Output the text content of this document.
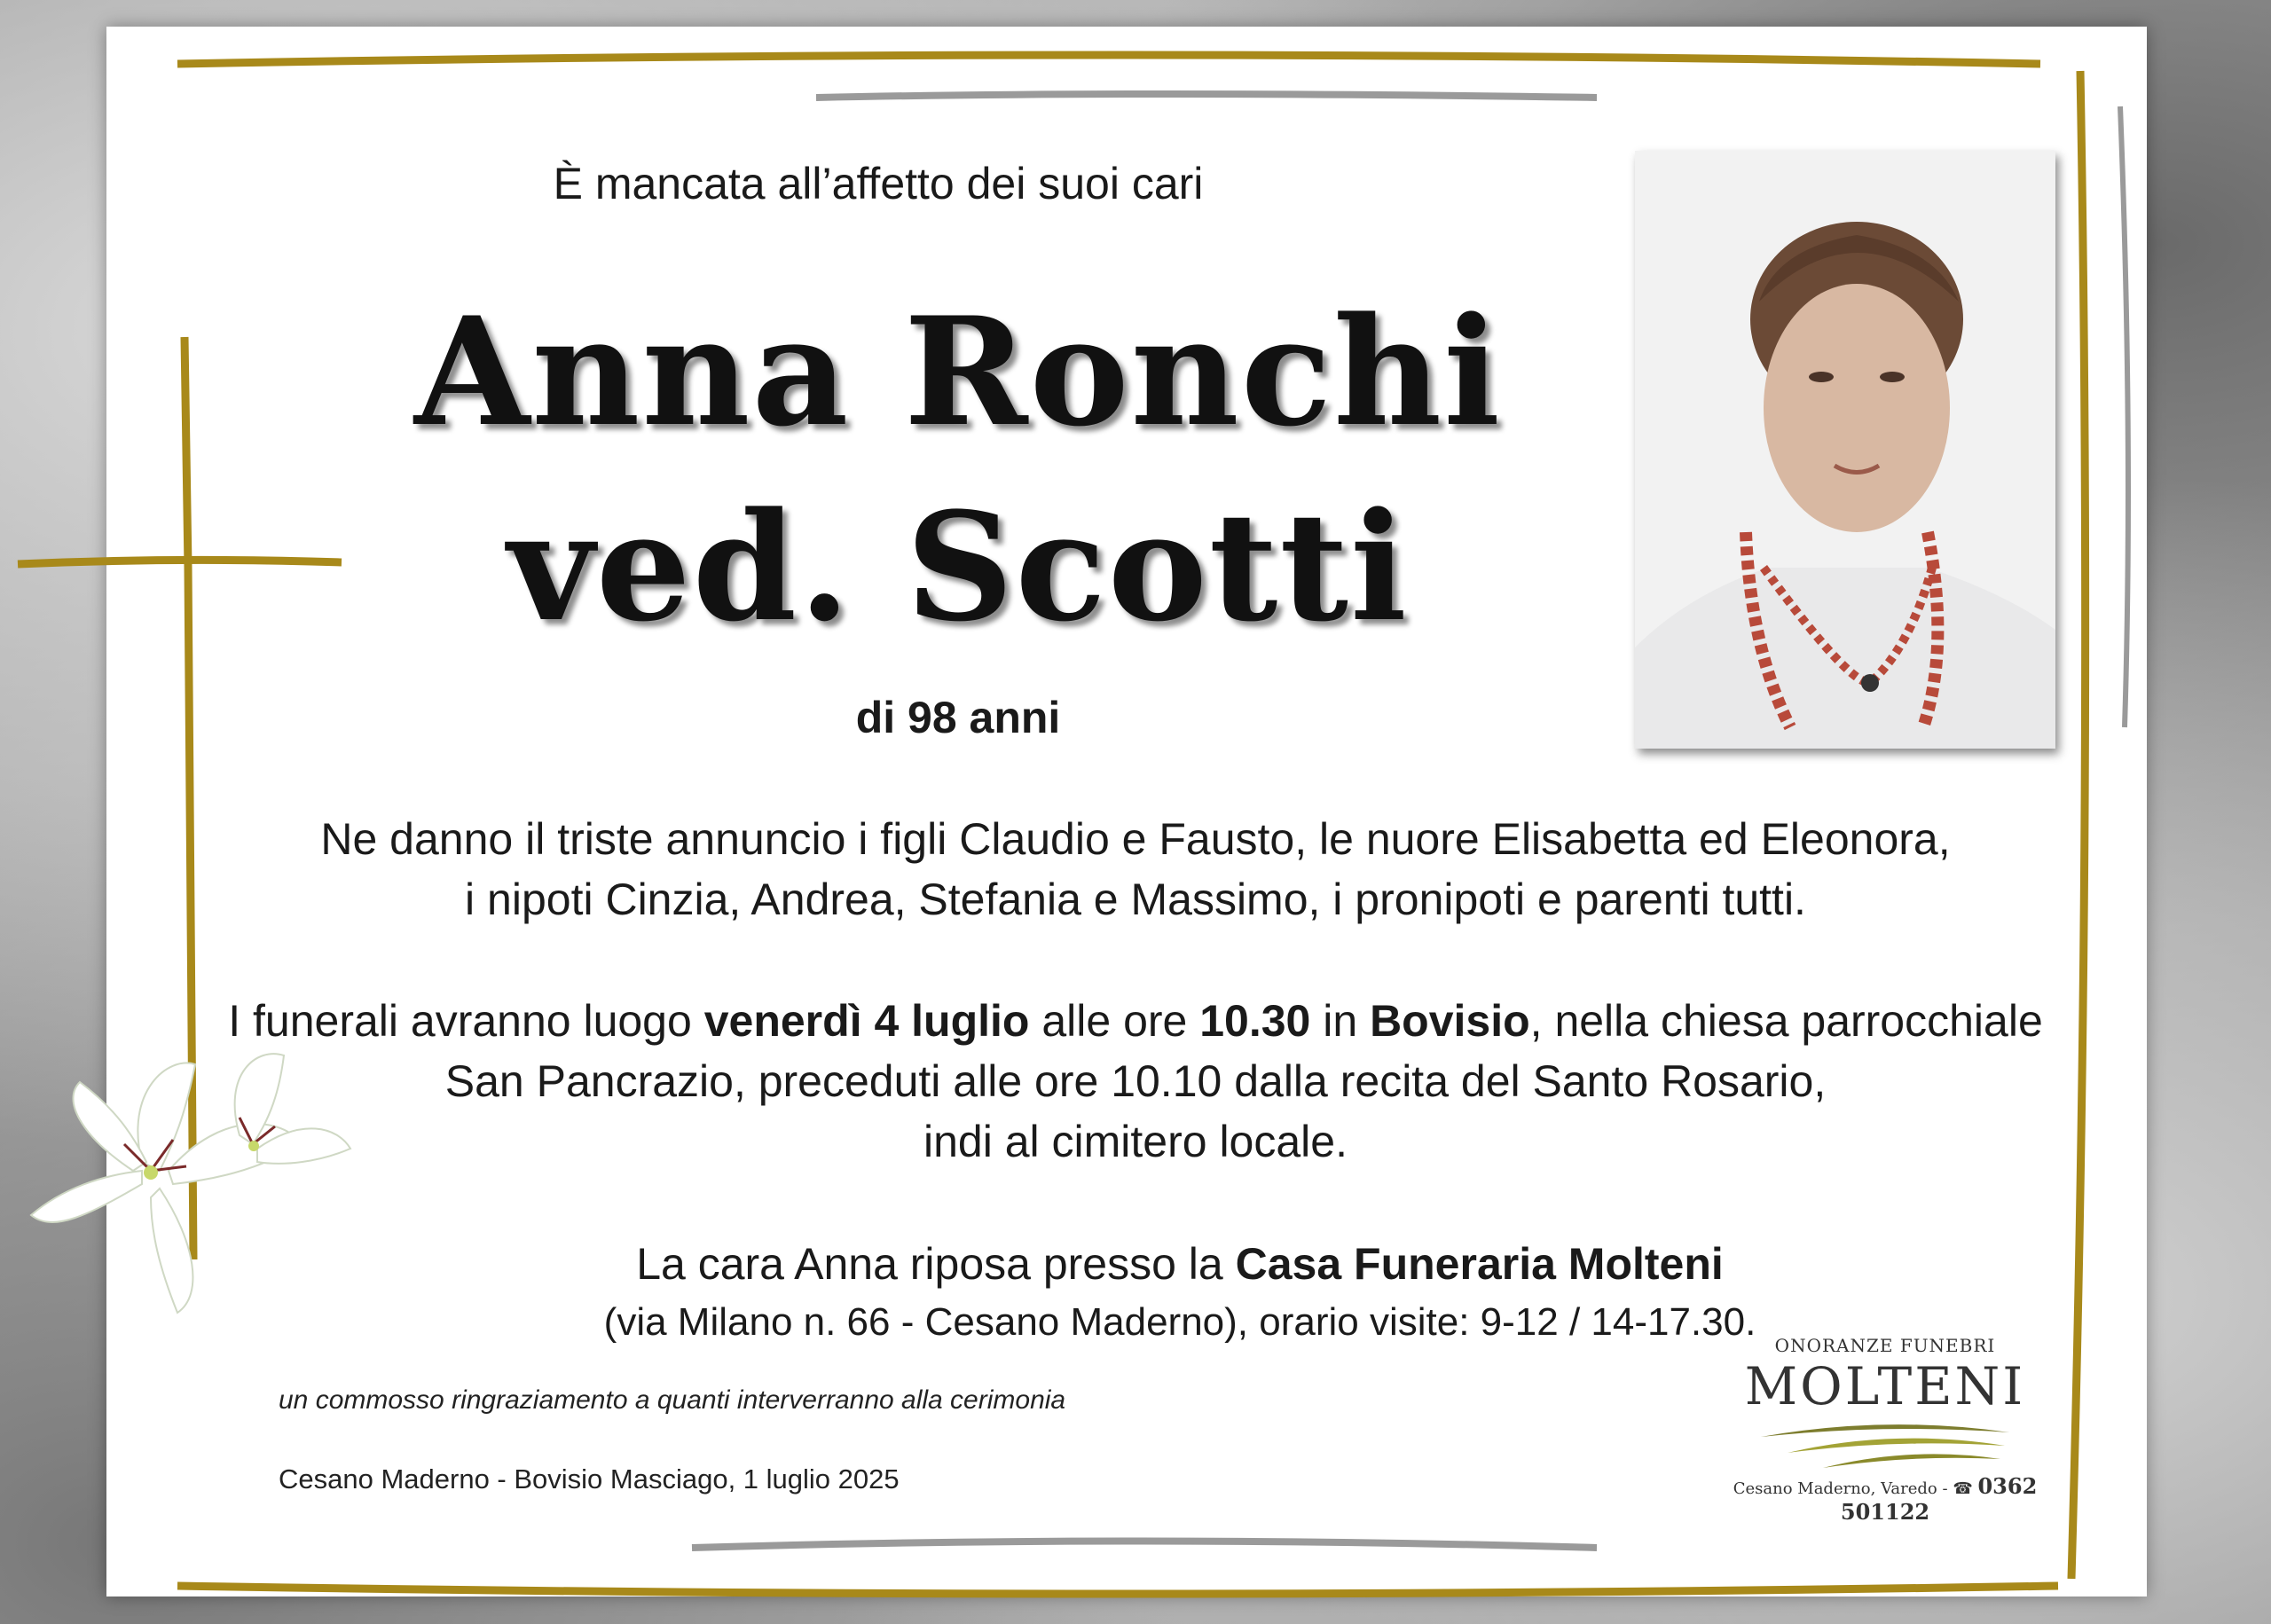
È mancata all’affetto dei suoi cari
Anna Ronchi
ved. Scotti
di 98 anni
Ne danno il triste annuncio i figli Claudio e Fausto, le nuore Elisabetta ed Eleonora,
i nipoti Cinzia, Andrea, Stefania e Massimo, i pronipoti e parenti tutti.
I funerali avranno luogo venerdì 4 luglio alle ore 10.30 in Bovisio, nella chiesa parrocchiale
San Pancrazio, preceduti alle ore 10.10 dalla recita del Santo Rosario,
indi al cimitero locale.
La cara Anna riposa presso la Casa Funeraria Molteni
(via Milano n. 66 - Cesano Maderno), orario visite: 9-12 / 14-17.30.
un commosso ringraziamento a quanti interverranno alla cerimonia
Cesano Maderno - Bovisio Masciago, 1 luglio 2025
ONORANZE FUNEBRI
MOLTENI
Cesano Maderno, Varedo - ☎ 0362 501122
